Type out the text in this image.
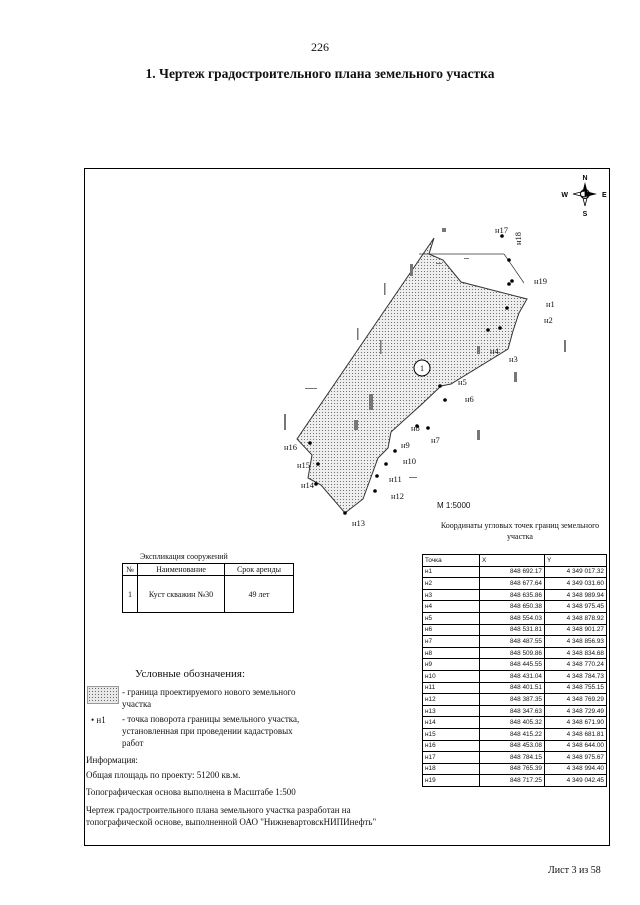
226
1. Чертеж градостроительного плана земельного участка
N
S
W	E
н1
н2
н3
н4
н5
н6
н7
н8
н9
н10
н11
н12
н13
н14
н15
н16
н17
н18
н19
1
М 1:5000
Координаты угловых точек границ земельного участка
Точка	X	Y
н1	848 692.17	4 349 017.32
н2	848 677.64	4 349 031.60
н3	848 635.86	4 348 989.94
н4	848 650.38	4 348 975.45
н5	848 554.03	4 348 878.92
н6	848 531.81	4 348 901.27
н7	848 487.55	4 348 856.93
н8	848 509.86	4 348 834.68
н9	848 445.55	4 348 770.24
н10	848 431.04	4 348 784.73
н11	848 401.51	4 348 755.15
н12	848 387.35	4 348 769.29
н13	848 347.63	4 348 729.49
н14	848 405.32	4 348 671.90
н15	848 415.22	4 348 681.81
н16	848 453.08	4 348 644.00
н17	848 784.15	4 348 975.67
н18	848 765.39	4 348 994.40
н19	848 717.25	4 349 042.45
Экспликация сооружений
№	Наименование	Срок аренды
1	Куст скважин №30	49 лет
Условные обозначения:
- граница проектируемого нового земельного участка
• н1 - точка поворота границы земельного участка, установленная при проведении кадастровых работ
Информация:
Общая площадь по проекту: 51200 кв.м.
Топографическая основа выполнена в Масштабе 1:500
Чертеж градостроительного плана земельного участка разработан на топографической основе, выполненной ОАО "НижневартовскНИПИнефть"
Лист 3 из 58
